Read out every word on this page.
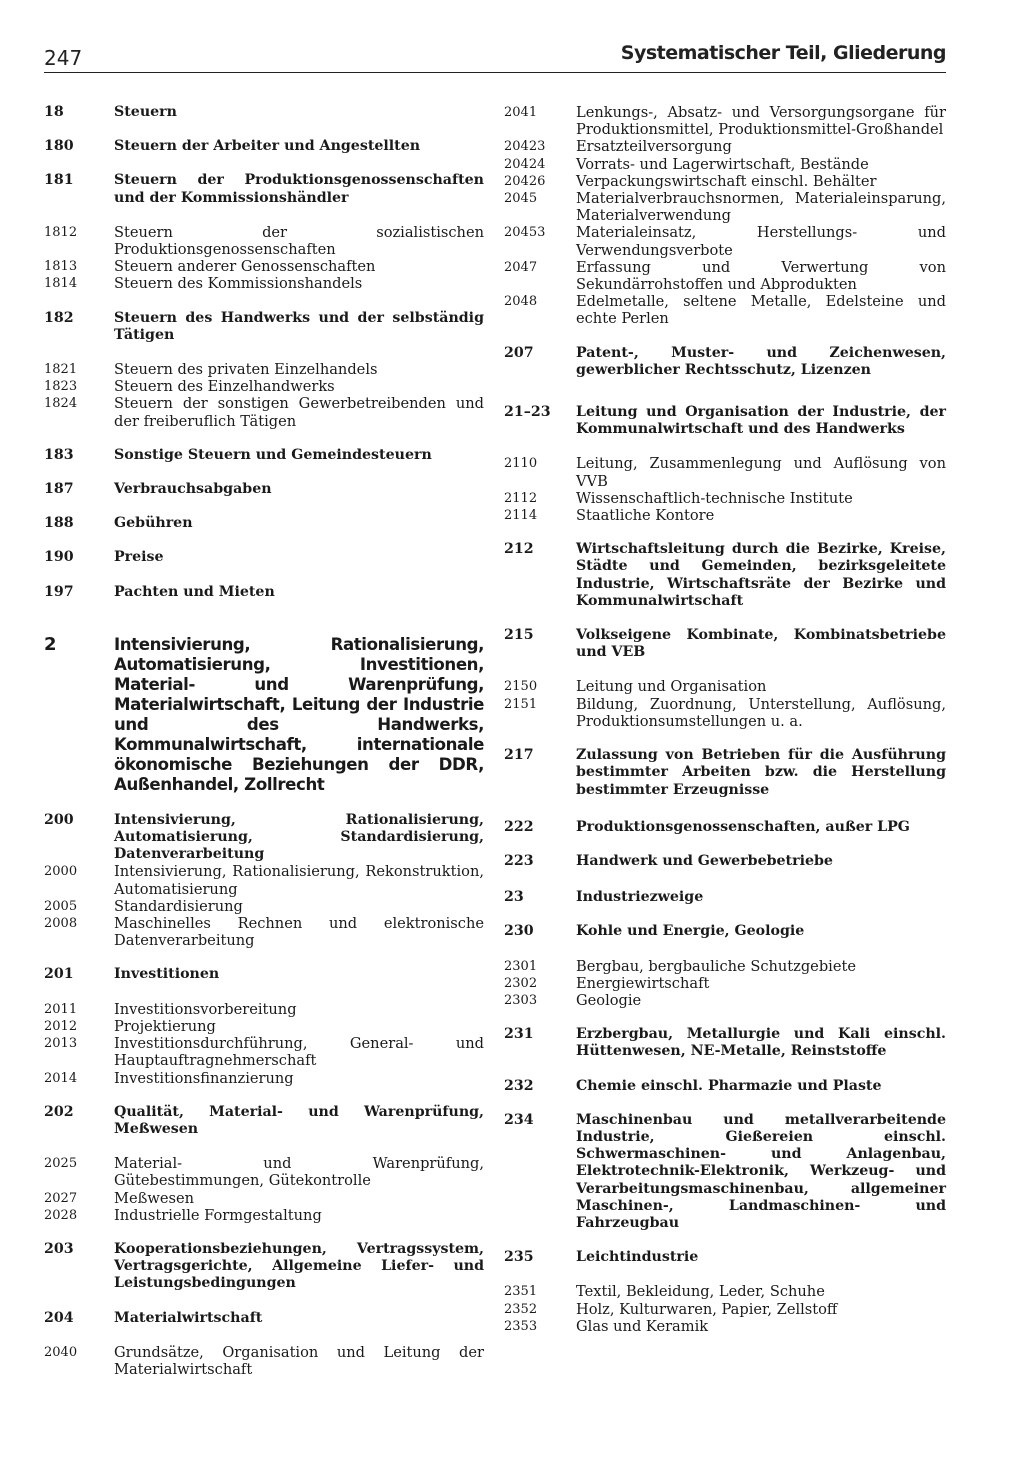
247	Systematischer Teil, Gliederung
18	Steuern
180	Steuern der Arbeiter und Angestellten
181	Steuern der Produktionsgenossenschaften und der Kommissionshändler
1812	Steuern der sozialistischen Produktionsgenossenschaften
1813	Steuern anderer Genossenschaften
1814	Steuern des Kommissionshandels
182	Steuern des Handwerks und der selbständig Tätigen
1821	Steuern des privaten Einzelhandels
1823	Steuern des Einzelhandwerks
1824	Steuern der sonstigen Gewerbetreibenden und der freiberuflich Tätigen
183	Sonstige Steuern und Gemeindesteuern
187	Verbrauchsabgaben
188	Gebühren
190	Preise
197	Pachten und Mieten
2	Intensivierung, Rationalisierung, Automatisierung, Investitionen, Material- und Warenprüfung, Materialwirtschaft, Leitung der Industrie und des Handwerks, Kommunalwirtschaft, internationale ökonomische Beziehungen der DDR, Außenhandel, Zollrecht
200	Intensivierung, Rationalisierung, Automatisierung, Standardisierung, Datenverarbeitung
2000	Intensivierung, Rationalisierung, Rekonstruktion, Automatisierung
2005	Standardisierung
2008	Maschinelles Rechnen und elektronische Datenverarbeitung
201	Investitionen
2011	Investitionsvorbereitung
2012	Projektierung
2013	Investitionsdurchführung, General- und Hauptauftragnehmerschaft
2014	Investitionsfinanzierung
202	Qualität, Material- und Warenprüfung, Meßwesen
2025	Material- und Warenprüfung, Gütebestimmungen, Gütekontrolle
2027	Meßwesen
2028	Industrielle Formgestaltung
203	Kooperationsbeziehungen, Vertragssystem, Vertragsgerichte, Allgemeine Liefer- und Leistungsbedingungen
204	Materialwirtschaft
2040	Grundsätze, Organisation und Leitung der Materialwirtschaft
2041	Lenkungs-, Absatz- und Versorgungsorgane für Produktionsmittel, Produktionsmittel-Großhandel
20423	Ersatzteilversorgung
20424	Vorrats- und Lagerwirtschaft, Bestände
20426	Verpackungswirtschaft einschl. Behälter
2045	Materialverbrauchsnormen, Materialeinsparung, Materialverwendung
20453	Materialeinsatz, Herstellungs- und Verwendungsverbote
2047	Erfassung und Verwertung von Sekundärrohstoffen und Abprodukten
2048	Edelmetalle, seltene Metalle, Edelsteine und echte Perlen
207	Patent-, Muster- und Zeichenwesen, gewerblicher Rechtsschutz, Lizenzen
21–23	Leitung und Organisation der Industrie, der Kommunalwirtschaft und des Handwerks
2110	Leitung, Zusammenlegung und Auflösung von VVB
2112	Wissenschaftlich-technische Institute
2114	Staatliche Kontore
212	Wirtschaftsleitung durch die Bezirke, Kreise, Städte und Gemeinden, bezirksgeleitete Industrie, Wirtschaftsräte der Bezirke und Kommunalwirtschaft
215	Volkseigene Kombinate, Kombinatsbetriebe und VEB
2150	Leitung und Organisation
2151	Bildung, Zuordnung, Unterstellung, Auflösung, Produktionsumstellungen u. a.
217	Zulassung von Betrieben für die Ausführung bestimmter Arbeiten bzw. die Herstellung bestimmter Erzeugnisse
222	Produktionsgenossenschaften, außer LPG
223	Handwerk und Gewerbebetriebe
23	Industriezweige
230	Kohle und Energie, Geologie
2301	Bergbau, bergbauliche Schutzgebiete
2302	Energiewirtschaft
2303	Geologie
231	Erzbergbau, Metallurgie und Kali einschl. Hüttenwesen, NE-Metalle, Reinststoffe
232	Chemie einschl. Pharmazie und Plaste
234	Maschinenbau und metallverarbeitende Industrie, Gießereien einschl. Schwermaschinen- und Anlagenbau, Elektrotechnik-Elektronik, Werkzeug- und Verarbeitungsmaschinenbau, allgemeiner Maschinen-, Landmaschinen- und Fahrzeugbau
235	Leichtindustrie
2351	Textil, Bekleidung, Leder, Schuhe
2352	Holz, Kulturwaren, Papier, Zellstoff
2353	Glas und Keramik
